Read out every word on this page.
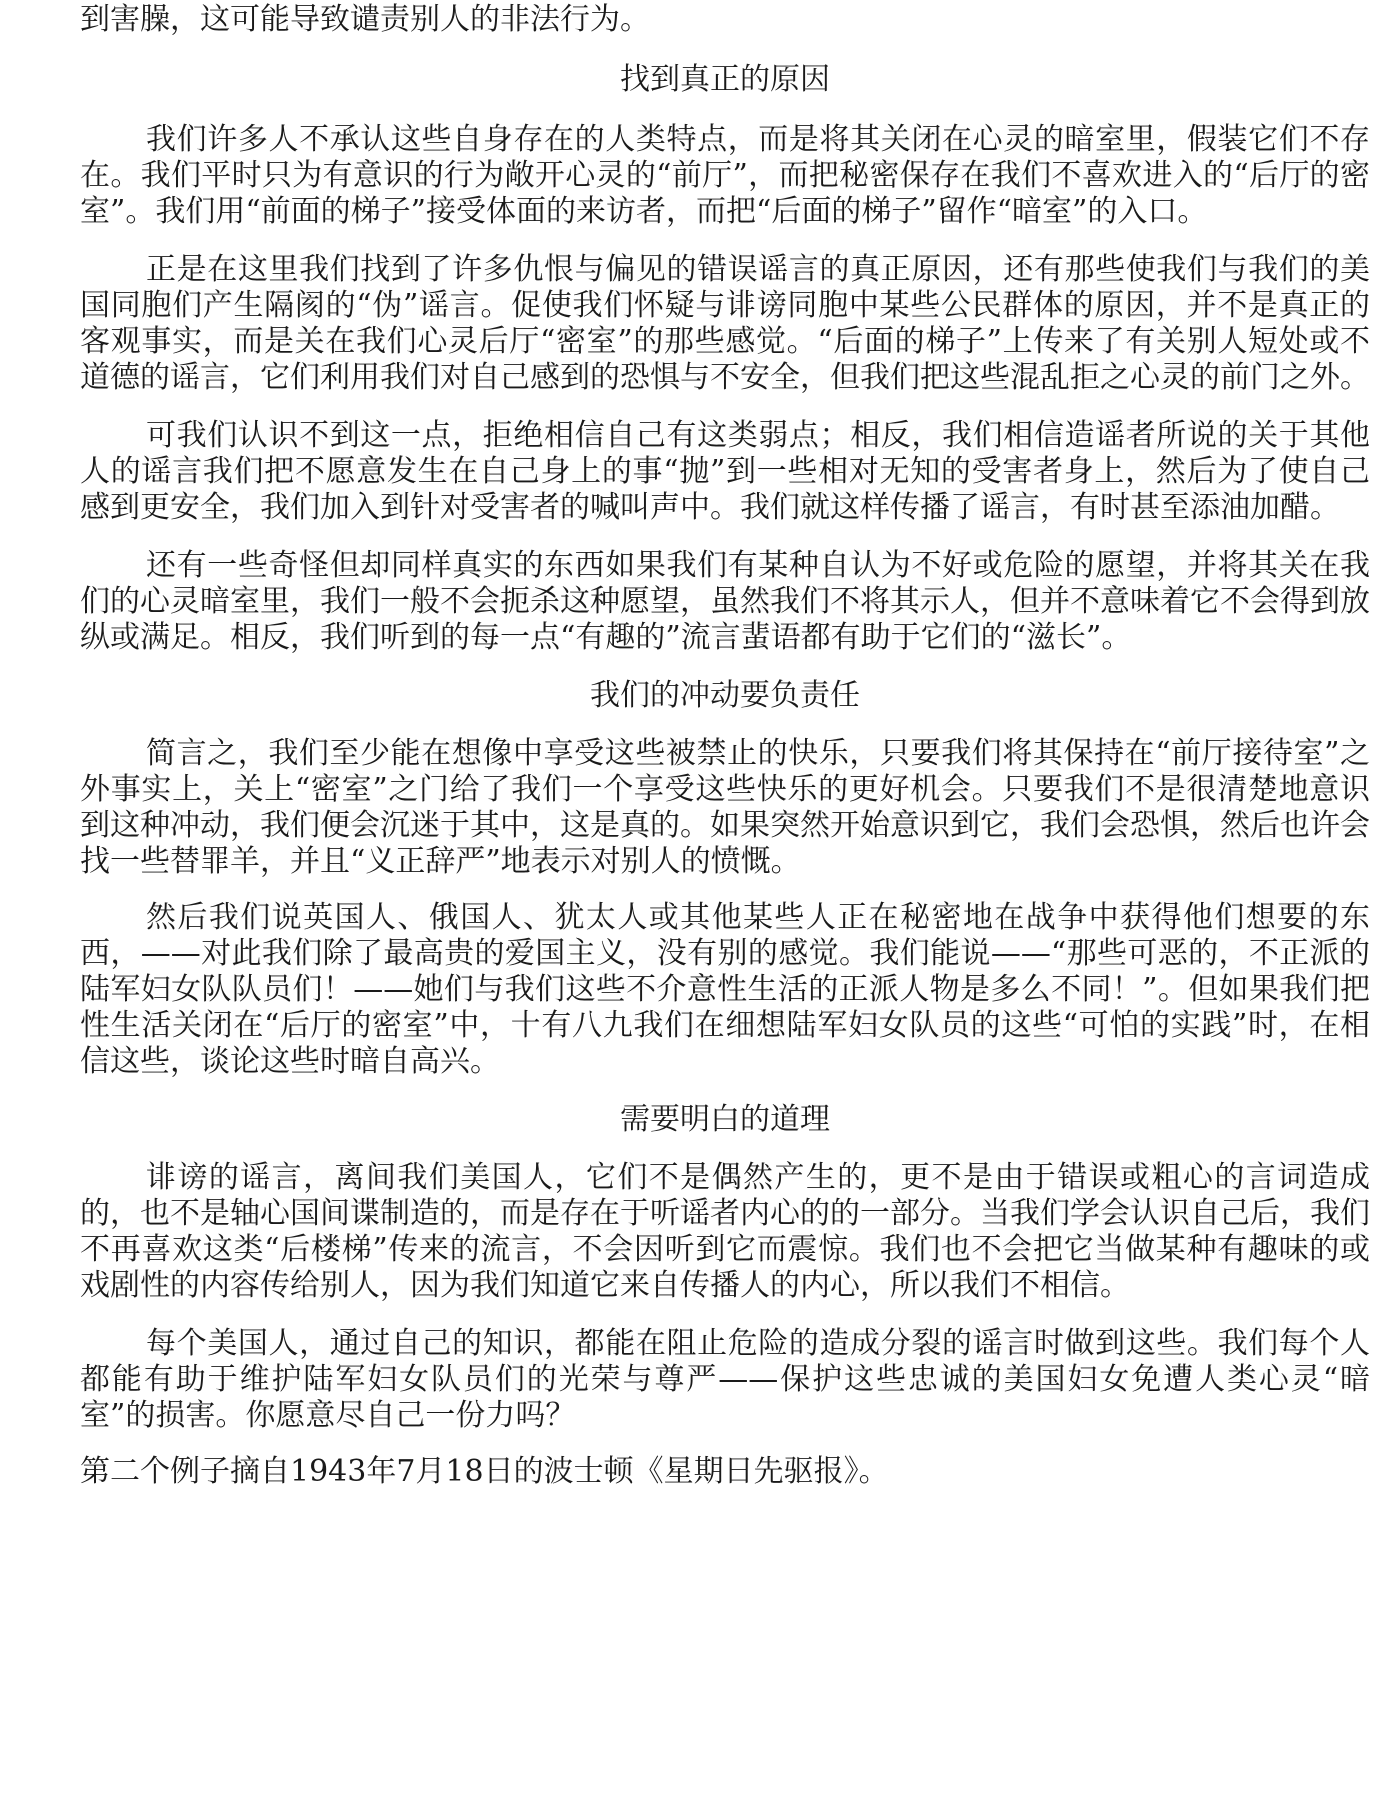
到害臊，这可能导致谴责别人的非法行为。

找到真正的原因

我们许多人不承认这些自身存在的人类特点，而是将其关闭在心灵的暗室里，假装它们不存在。我们平时只为有意识的行为敞开心灵的“前厅”，而把秘密保存在我们不喜欢进入的“后厅的密室”。我们用“前面的梯子”接受体面的来访者，而把“后面的梯子”留作“暗室”的入口。

正是在这里我们找到了许多仇恨与偏见的错误谣言的真正原因，还有那些使我们与我们的美国同胞们产生隔阂的“伪”谣言。促使我们怀疑与诽谤同胞中某些公民群体的原因，并不是真正的客观事实，而是关在我们心灵后厅“密室”的那些感觉。“后面的梯子”上传来了有关别人短处或不道德的谣言，它们利用我们对自己感到的恐惧与不安全，但我们把这些混乱拒之心灵的前门之外。

可我们认识不到这一点，拒绝相信自己有这类弱点；相反，我们相信造谣者所说的关于其他人的谣言我们把不愿意发生在自己身上的事“抛”到一些相对无知的受害者身上，然后为了使自己感到更安全，我们加入到针对受害者的喊叫声中。我们就这样传播了谣言，有时甚至添油加醋。

还有一些奇怪但却同样真实的东西如果我们有某种自认为不好或危险的愿望，并将其关在我们的心灵暗室里，我们一般不会扼杀这种愿望，虽然我们不将其示人，但并不意味着它不会得到放纵或满足。相反，我们听到的每一点“有趣的”流言蜚语都有助于它们的“滋长”。

我们的冲动要负责任

简言之，我们至少能在想像中享受这些被禁止的快乐，只要我们将其保持在“前厅接待室”之外事实上，关上“密室”之门给了我们一个享受这些快乐的更好机会。只要我们不是很清楚地意识到这种冲动，我们便会沉迷于其中，这是真的。如果突然开始意识到它，我们会恐惧，然后也许会找一些替罪羊，并且“义正辞严”地表示对别人的愤慨。

然后我们说英国人、俄国人、犹太人或其他某些人正在秘密地在战争中获得他们想要的东西，——对此我们除了最高贵的爱国主义，没有别的感觉。我们能说——“那些可恶的，不正派的陆军妇女队队员们！——她们与我们这些不介意性生活的正派人物是多么不同！”。但如果我们把性生活关闭在“后厅的密室”中，十有八九我们在细想陆军妇女队员的这些“可怕的实践”时，在相信这些，谈论这些时暗自高兴。

需要明白的道理

诽谤的谣言，离间我们美国人，它们不是偶然产生的，更不是由于错误或粗心的言词造成的，也不是轴心国间谍制造的，而是存在于听谣者内心的的一部分。当我们学会认识自己后，我们不再喜欢这类“后楼梯”传来的流言，不会因听到它而震惊。我们也不会把它当做某种有趣味的或戏剧性的内容传给别人，因为我们知道它来自传播人的内心，所以我们不相信。

每个美国人，通过自己的知识，都能在阻止危险的造成分裂的谣言时做到这些。我们每个人都能有助于维护陆军妇女队员们的光荣与尊严——保护这些忠诚的美国妇女免遭人类心灵“暗室”的损害。你愿意尽自己一份力吗？

第二个例子摘自1943年7月18日的波士顿《星期日先驱报》。
